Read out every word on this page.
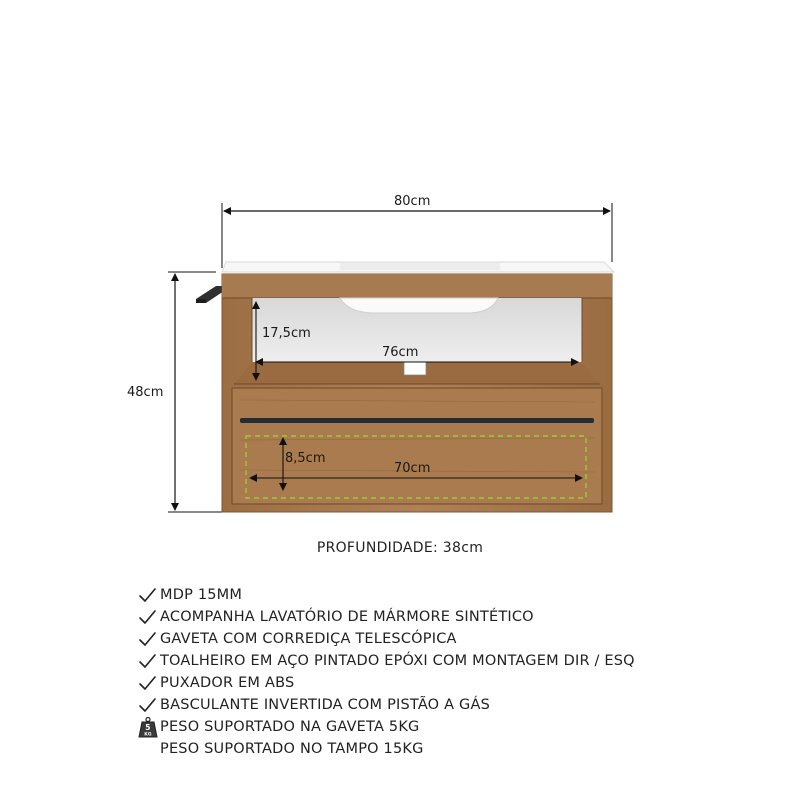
80cm
48cm
17,5cm
76cm
8,5cm
70cm
PROFUNDIDADE: 38cm
MDP 15MM
ACOMPANHA LAVATÓRIO DE MÁRMORE SINTÉTICO
GAVETA COM CORREDIÇA TELESCÓPICA
TOALHEIRO EM AÇO PINTADO EPÓXI COM MONTAGEM DIR / ESQ
PUXADOR EM ABS
BASCULANTE INVERTIDA COM PISTÃO A GÁS
5
KG PESO SUPORTADO NA GAVETA 5KG
PESO SUPORTADO NO TAMPO 15KG
